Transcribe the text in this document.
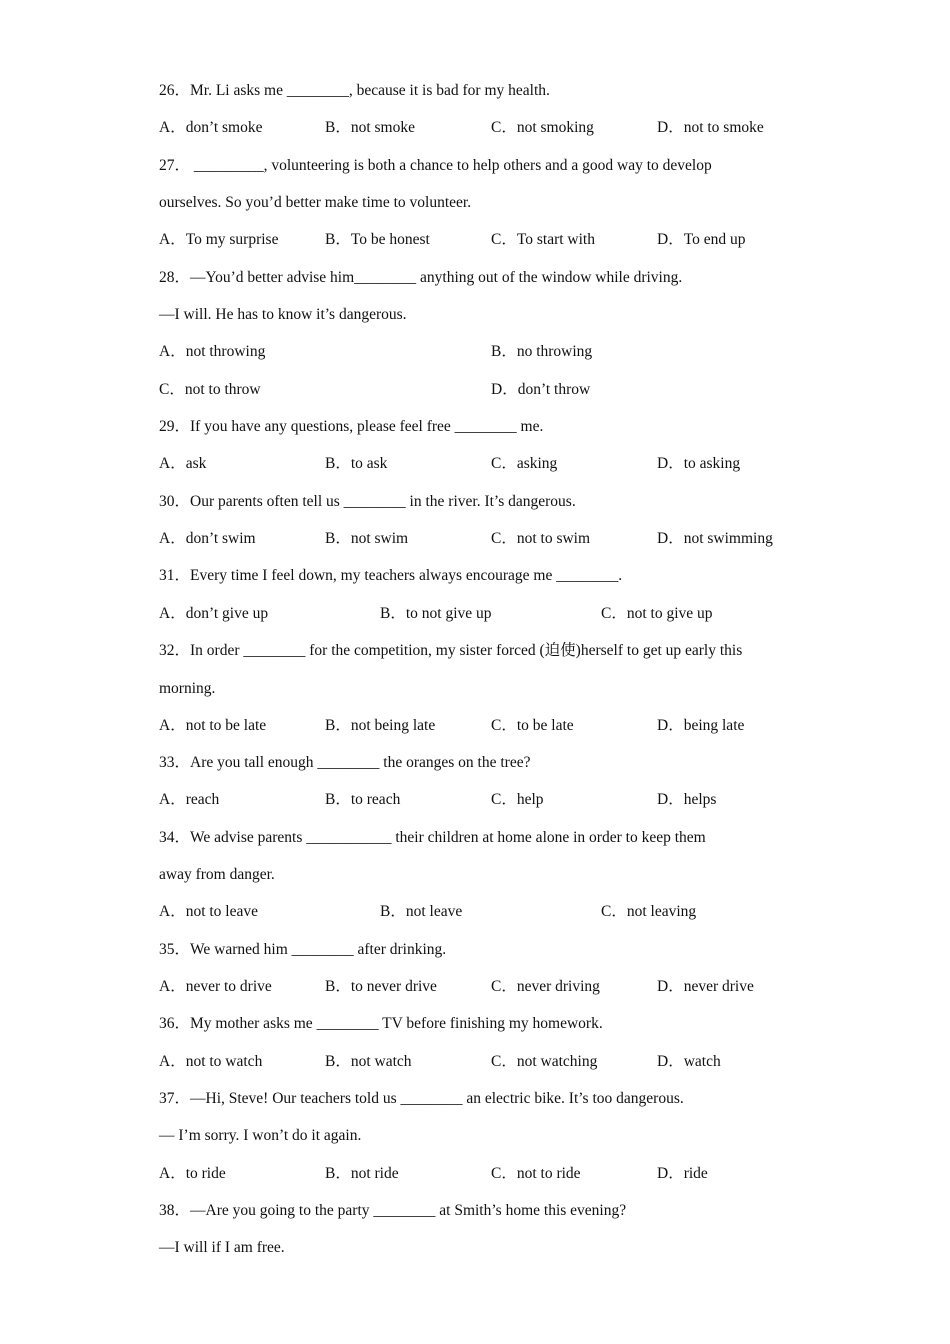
26．Mr. Li asks me ________, because it is bad for my health.
A．don’t smoke	B．not smoke	C．not smoking	D．not to smoke
27． _________, volunteering is both a chance to help others and a good way to develop
ourselves. So you’d better make time to volunteer.
A．To my surprise	B．To be honest	C．To start with	D．To end up
28．—You’d better advise him________ anything out of the window while driving.
—I will. He has to know it’s dangerous.
A．not throwing	B．no throwing
C．not to throw	D．don’t throw
29．If you have any questions, please feel free ________ me.
A．ask	B．to ask	C．asking	D．to asking
30．Our parents often tell us ________ in the river. It’s dangerous.
A．don’t swim	B．not swim	C．not to swim	D．not swimming
31．Every time I feel down, my teachers always encourage me ________.
A．don’t give up	B．to not give up	C．not to give up
32．In order ________ for the competition, my sister forced (迫使)herself to get up early this
morning.
A．not to be late	B．not being late	C．to be late	D．being late
33．Are you tall enough ________ the oranges on the tree?
A．reach	B．to reach	C．help	D．helps
34．We advise parents ___________ their children at home alone in order to keep them
away from danger.
A．not to leave	B．not leave	C．not leaving
35．We warned him ________ after drinking.
A．never to drive	B．to never drive	C．never driving	D．never drive
36．My mother asks me ________ TV before finishing my homework.
A．not to watch	B．not watch	C．not watching	D．watch
37．—Hi, Steve! Our teachers told us ________ an electric bike. It’s too dangerous.
— I’m sorry. I won’t do it again.
A．to ride	B．not ride	C．not to ride	D．ride
38．—Are you going to the party ________ at Smith’s home this evening?
—I will if I am free.
